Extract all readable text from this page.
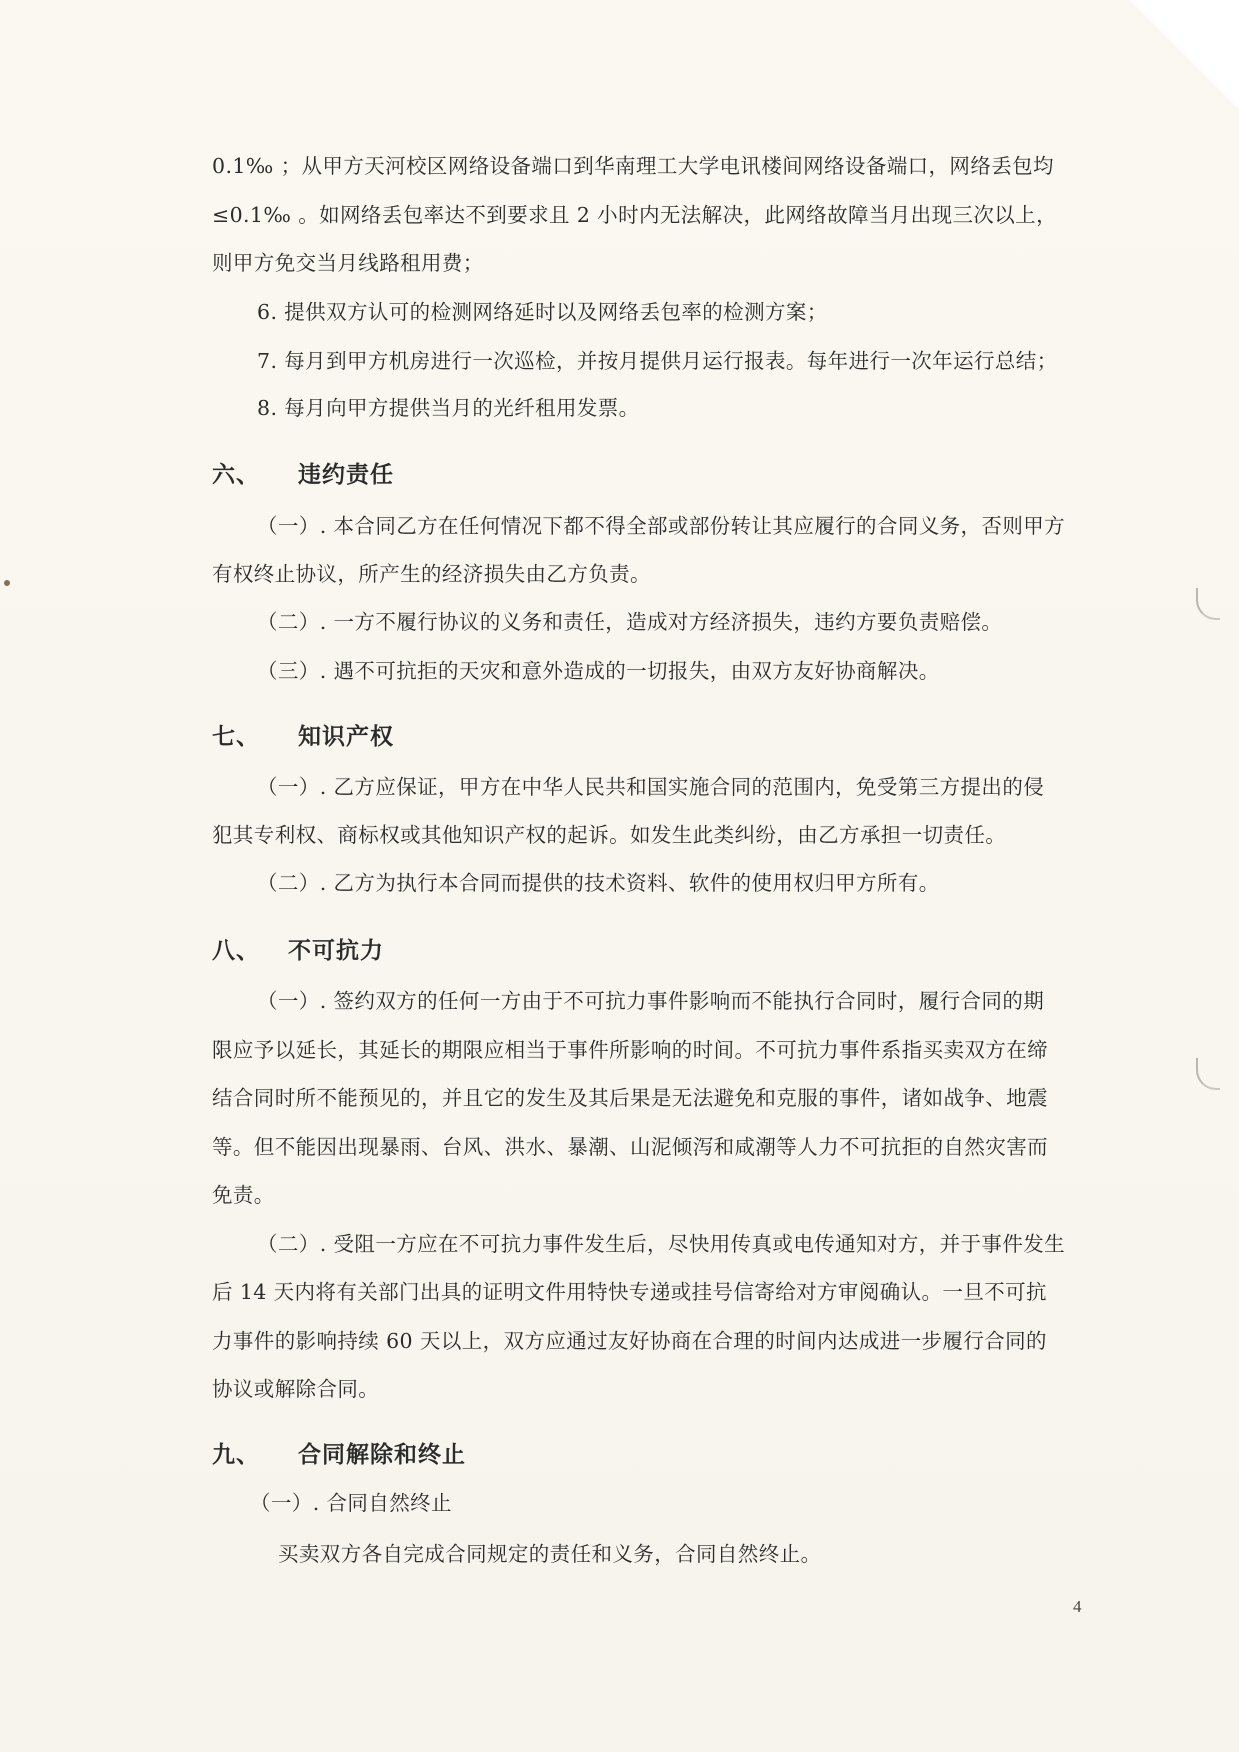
0.1‰ ；从甲方天河校区网络设备端口到华南理工大学电讯楼间网络设备端口，网络丢包均
≤0.1‰ 。如网络丢包率达不到要求且 2 小时内无法解决，此网络故障当月出现三次以上，
则甲方免交当月线路租用费；
6. 提供双方认可的检测网络延时以及网络丢包率的检测方案；
7. 每月到甲方机房进行一次巡检，并按月提供月运行报表。每年进行一次年运行总结；
8. 每月向甲方提供当月的光纤租用发票。
六、 违约责任
（一）. 本合同乙方在任何情况下都不得全部或部份转让其应履行的合同义务，否则甲方
有权终止协议，所产生的经济损失由乙方负责。
（二）. 一方不履行协议的义务和责任，造成对方经济损失，违约方要负责赔偿。
（三）. 遇不可抗拒的天灾和意外造成的一切报失，由双方友好协商解决。
七、 知识产权
（一）. 乙方应保证，甲方在中华人民共和国实施合同的范围内，免受第三方提出的侵
犯其专利权、商标权或其他知识产权的起诉。如发生此类纠纷，由乙方承担一切责任。
（二）. 乙方为执行本合同而提供的技术资料、软件的使用权归甲方所有。
八、 不可抗力
（一）. 签约双方的任何一方由于不可抗力事件影响而不能执行合同时，履行合同的期
限应予以延长，其延长的期限应相当于事件所影响的时间。不可抗力事件系指买卖双方在缔
结合同时所不能预见的，并且它的发生及其后果是无法避免和克服的事件，诸如战争、地震
等。但不能因出现暴雨、台风、洪水、暴潮、山泥倾泻和咸潮等人力不可抗拒的自然灾害而
免责。
（二）. 受阻一方应在不可抗力事件发生后，尽快用传真或电传通知对方，并于事件发生
后 14 天内将有关部门出具的证明文件用特快专递或挂号信寄给对方审阅确认。一旦不可抗
力事件的影响持续 60 天以上，双方应通过友好协商在合理的时间内达成进一步履行合同的
协议或解除合同。
九、 合同解除和终止
（一）. 合同自然终止
买卖双方各自完成合同规定的责任和义务，合同自然终止。
4
